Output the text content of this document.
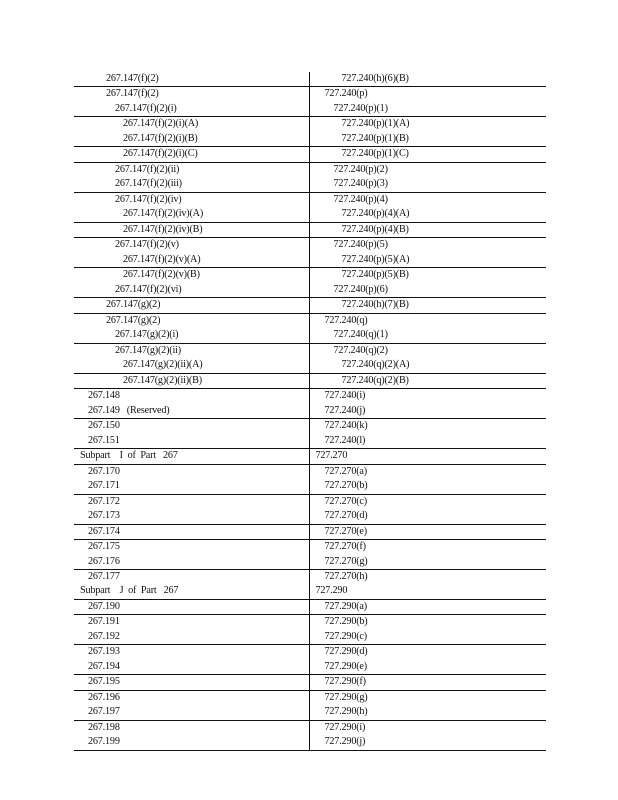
267.147(f)(2)	727.240(h)(6)(B)
267.147(f)(2)	727.240(p)
267.147(f)(2)(i)	727.240(p)(1)
267.147(f)(2)(i)(A)	727.240(p)(1)(A)
267.147(f)(2)(i)(B)	727.240(p)(1)(B)
267.147(f)(2)(i)(C)	727.240(p)(1)(C)
267.147(f)(2)(ii)	727.240(p)(2)
267.147(f)(2)(iii)	727.240(p)(3)
267.147(f)(2)(iv)	727.240(p)(4)
267.147(f)(2)(iv)(A)	727.240(p)(4)(A)
267.147(f)(2)(iv)(B)	727.240(p)(4)(B)
267.147(f)(2)(v)	727.240(p)(5)
267.147(f)(2)(v)(A)	727.240(p)(5)(A)
267.147(f)(2)(v)(B)	727.240(p)(5)(B)
267.147(f)(2)(vi)	727.240(p)(6)
267.147(g)(2)	727.240(h)(7)(B)
267.147(g)(2)	727.240(q)
267.147(g)(2)(i)	727.240(q)(1)
267.147(g)(2)(ii)	727.240(q)(2)
267.147(g)(2)(ii)(A)	727.240(q)(2)(A)
267.147(g)(2)(ii)(B)	727.240(q)(2)(B)
267.148	727.240(i)
267.149   (Reserved)	727.240(j)
267.150	727.240(k)
267.151	727.240(l)
Subpart    I  of  Part   267	727.270
267.170	727.270(a)
267.171	727.270(b)
267.172	727.270(c)
267.173	727.270(d)
267.174	727.270(e)
267.175	727.270(f)
267.176	727.270(g)
267.177	727.270(h)
Subpart    J  of  Part   267	727.290
267.190	727.290(a)
267.191	727.290(b)
267.192	727.290(c)
267.193	727.290(d)
267.194	727.290(e)
267.195	727.290(f)
267.196	727.290(g)
267.197	727.290(h)
267.198	727.290(i)
267.199	727.290(j)
